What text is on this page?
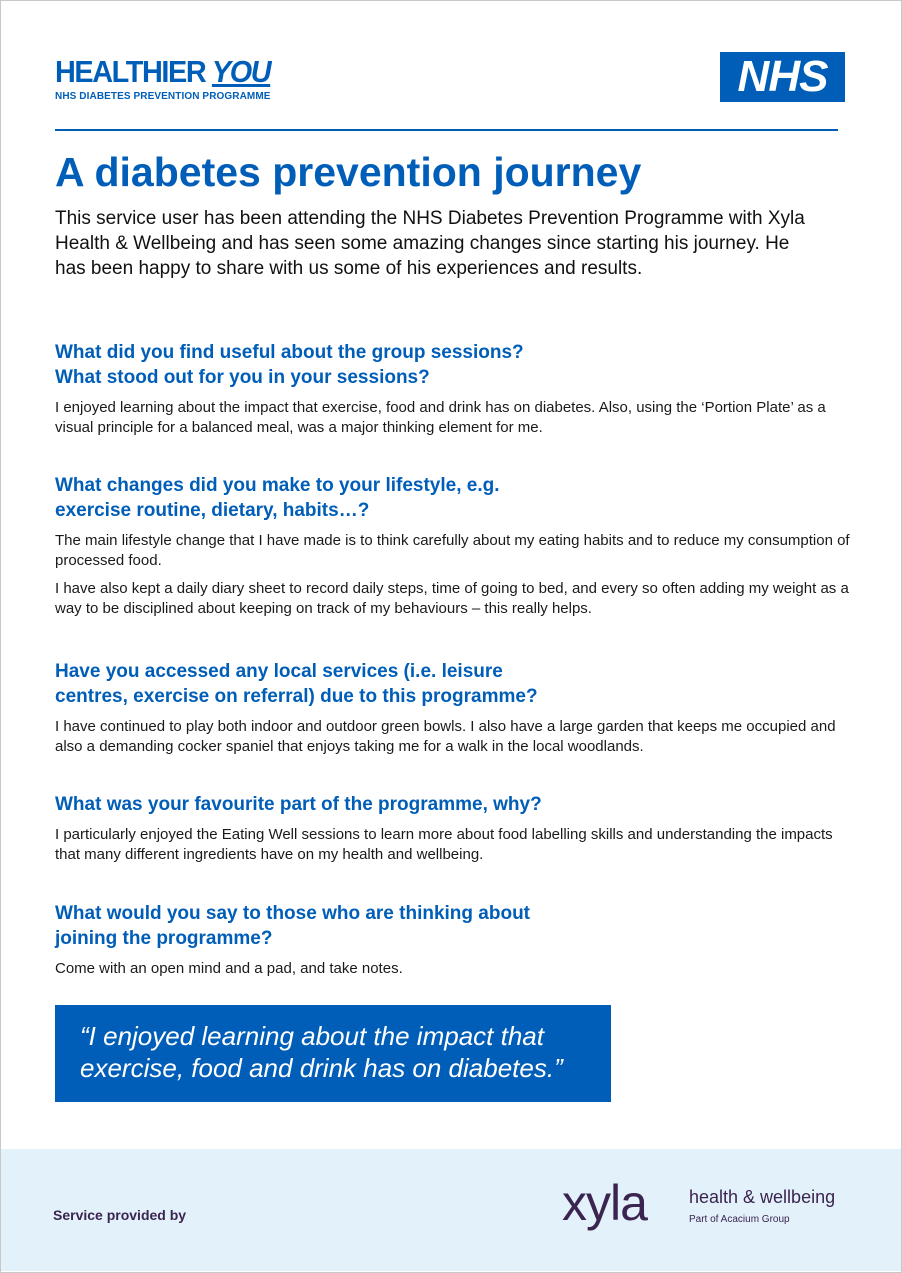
HEALTHIER YOU
NHS DIABETES PREVENTION PROGRAMME	NHS
A diabetes prevention journey

This service user has been attending the NHS Diabetes Prevention Programme with Xyla Health & Wellbeing and has seen some amazing changes since starting his journey. He has been happy to share with us some of his experiences and results.

What did you find useful about the group sessions?
What stood out for you in your sessions?

I enjoyed learning about the impact that exercise, food and drink has on diabetes. Also, using the ‘Portion Plate’ as a visual principle for a balanced meal, was a major thinking element for me.

What changes did you make to your lifestyle, e.g.
exercise routine, dietary, habits…?

The main lifestyle change that I have made is to think carefully about my eating habits and to reduce my consumption of processed food.

I have also kept a daily diary sheet to record daily steps, time of going to bed, and every so often adding my weight as a way to be disciplined about keeping on track of my behaviours – this really helps.

Have you accessed any local services (i.e. leisure
centres, exercise on referral) due to this programme?

I have continued to play both indoor and outdoor green bowls. I also have a large garden that keeps me occupied and also a demanding cocker spaniel that enjoys taking me for a walk in the local woodlands.

What was your favourite part of the programme, why?

I particularly enjoyed the Eating Well sessions to learn more about food labelling skills and understanding the impacts that many different ingredients have on my health and wellbeing.

What would you say to those who are thinking about
joining the programme?

Come with an open mind and a pad, and take notes.

“I enjoyed learning about the impact that
exercise, food and drink has on diabetes.”

Service provided by	xyla health & wellbeing
Part of Acacium Group
